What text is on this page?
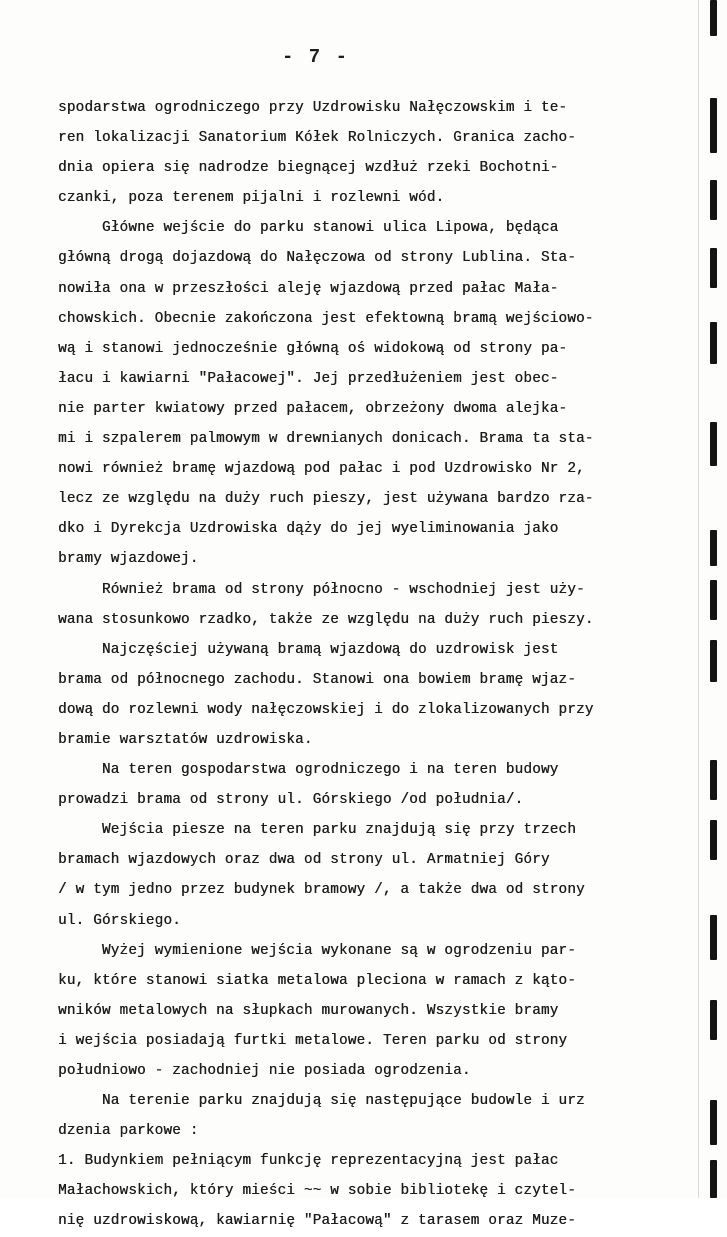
- 7 -
spodarstwa ogrodniczego przy Uzdrowisku Nałęczowskim i te-
ren lokalizacji Sanatorium Kółek Rolniczych. Granica zacho-
dnia opiera się nadrodze biegnącej wzdłuż rzeki Bochotni-
czanki, poza terenem pijalni i rozlewni wód.
Główne wejście do parku stanowi ulica Lipowa, będąca
główną drogą dojazdową do Nałęczowa od strony Lublina. Sta-
nowiła ona w przeszłości aleję wjazdową przed pałac Małа-
chowskich. Obecnie zakończona jest efektowną bramą wejściowo-
wą i stanowi jednocześnie główną oś widokową od strony pa-
łacu i kawiarni "Pałacowej". Jej przedłużeniem jest obec-
nie parter kwiatowy przed pałacem, obrzeżony dwoma alejka-
mi i szpalerem palmowym w drewnianych donicach. Brama ta sta-
nowi również bramę wjazdową pod pałac i pod Uzdrowisko Nr 2,
lecz ze względu na duży ruch pieszy, jest używana bardzo rza-
dko i Dyrekcja Uzdrowiska dąży do jej wyeliminowania jako
bramy wjazdowej.
Również brama od strony północno - wschodniej jest uży-
wana stosunkowo rzadko, także ze względu na duży ruch pieszy.
Najczęściej używaną bramą wjazdową do uzdrowisk jest
brama od północnego zachodu. Stanowi ona bowiem bramę wjaz-
dową do rozlewni wody nałęczowskiej i do zlokalizowanych przy
bramie warsztatów uzdrowiska.
Na teren gospodarstwa ogrodniczego i na teren budowy
prowadzi brama od strony ul. Górskiego /od południa/.
Wejścia piesze na teren parku znajdują się przy trzech
bramach wjazdowych oraz dwa od strony ul. Armatniej Góry
/ w tym jedno przez budynek bramowy /, a także dwa od strony
ul. Górskiego.
Wyżej wymienione wejścia wykonane są w ogrodzeniu par-
ku, które stanowi siatka metalowa pleciona w ramach z kąto-
wników metalowych na słupkach murowanych. Wszystkie bramy
i wejścia posiadają furtki metalowe. Teren parku od strony
południowo - zachodniej nie posiada ogrodzenia.
Na terenie parku znajdują się następujące budowle i urz
dzenia parkowe :
1. Budynkiem pełniącym funkcję reprezentacyjną jest pałac
Małachowskich, który mieści ~~ w sobie bibliotekę i czytel-
nię uzdrowiskową, kawiarnię "Pałacową" z tarasem oraz Muze-
